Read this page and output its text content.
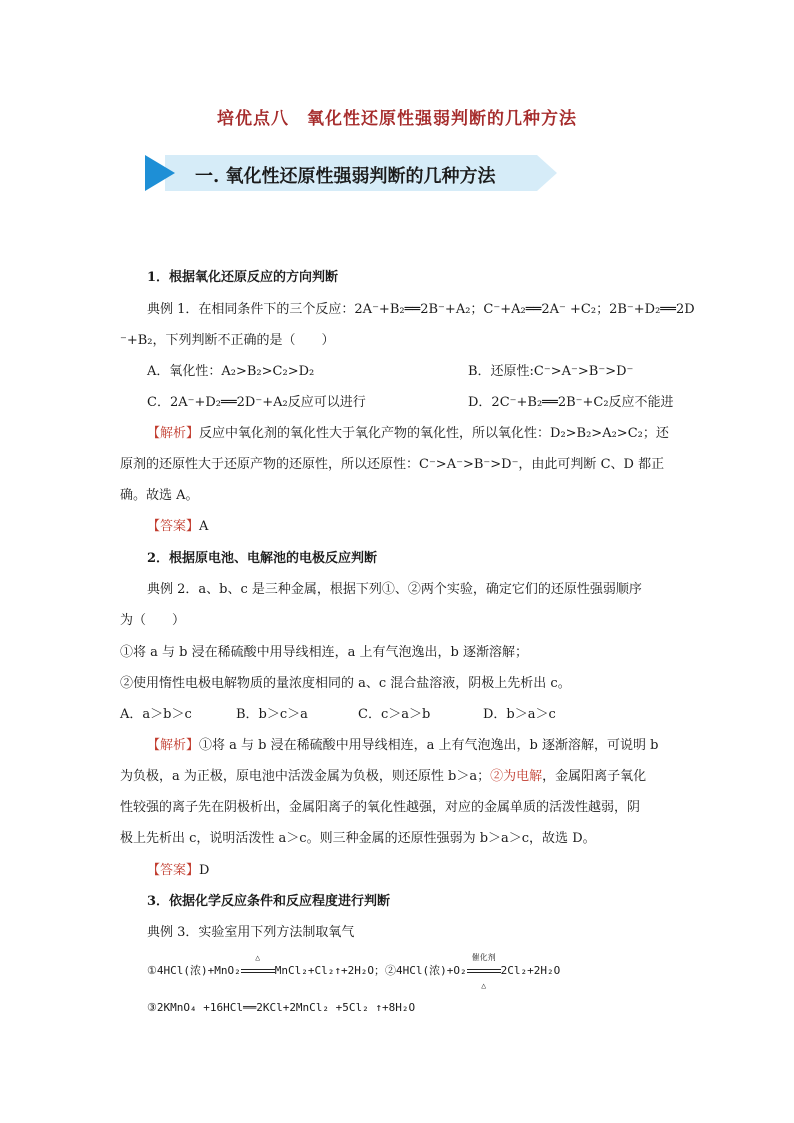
培优点八　氧化性还原性强弱判断的几种方法
一. 氧化性还原性强弱判断的几种方法
1．根据氧化还原反应的方向判断
典例 1．在相同条件下的三个反应：2A⁻+B₂══2B⁻+A₂；C⁻+A₂══2A⁻ +C₂；2B⁻+D₂══2D
⁻+B₂，下列判断不正确的是（　　）
A．氧化性：A₂>B₂>C₂>D₂	B．还原性:C⁻>A⁻>B⁻>D⁻
C．2A⁻+D₂══2D⁻+A₂反应可以进行	D．2C⁻+B₂══2B⁻+C₂反应不能进
【解析】反应中氧化剂的氧化性大于氧化产物的氧化性，所以氧化性：D₂>B₂>A₂>C₂；还
原剂的还原性大于还原产物的还原性，所以还原性：C⁻>A⁻>B⁻>D⁻，由此可判断 C、D 都正
确。故选 A。
【答案】A
2．根据原电池、电解池的电极反应判断
典例 2．a、b、c 是三种金属，根据下列①、②两个实验，确定它们的还原性强弱顺序
为（　　）
①将 a 与 b 浸在稀硫酸中用导线相连，a 上有气泡逸出，b 逐渐溶解；
②使用惰性电极电解物质的量浓度相同的 a、c 混合盐溶液，阴极上先析出 c。
A．a＞b＞c	B．b＞c＞a	C．c＞a＞b	D．b＞a＞c
【解析】①将 a 与 b 浸在稀硫酸中用导线相连，a 上有气泡逸出，b 逐渐溶解，可说明 b
为负极，a 为正极，原电池中活泼金属为负极，则还原性 b＞a；②为电解，金属阳离子氧化
性较强的离子先在阴极析出，金属阳离子的氧化性越强，对应的金属单质的活泼性越弱，阴
极上先析出 c，说明活泼性 a＞c。则三种金属的还原性强弱为 b＞a＞c，故选 D。
【答案】D
3．依据化学反应条件和反应程度进行判断
典例 3．实验室用下列方法制取氧气
①4HCl(浓)+MnO₂
△
MnCl₂+Cl₂↑+2H₂O；②4HCl(浓)+O₂
催化剂
△
2Cl₂+2H₂O
③2KMnO₄ +16HCl══2KCl+2MnCl₂ +5Cl₂ ↑+8H₂O
